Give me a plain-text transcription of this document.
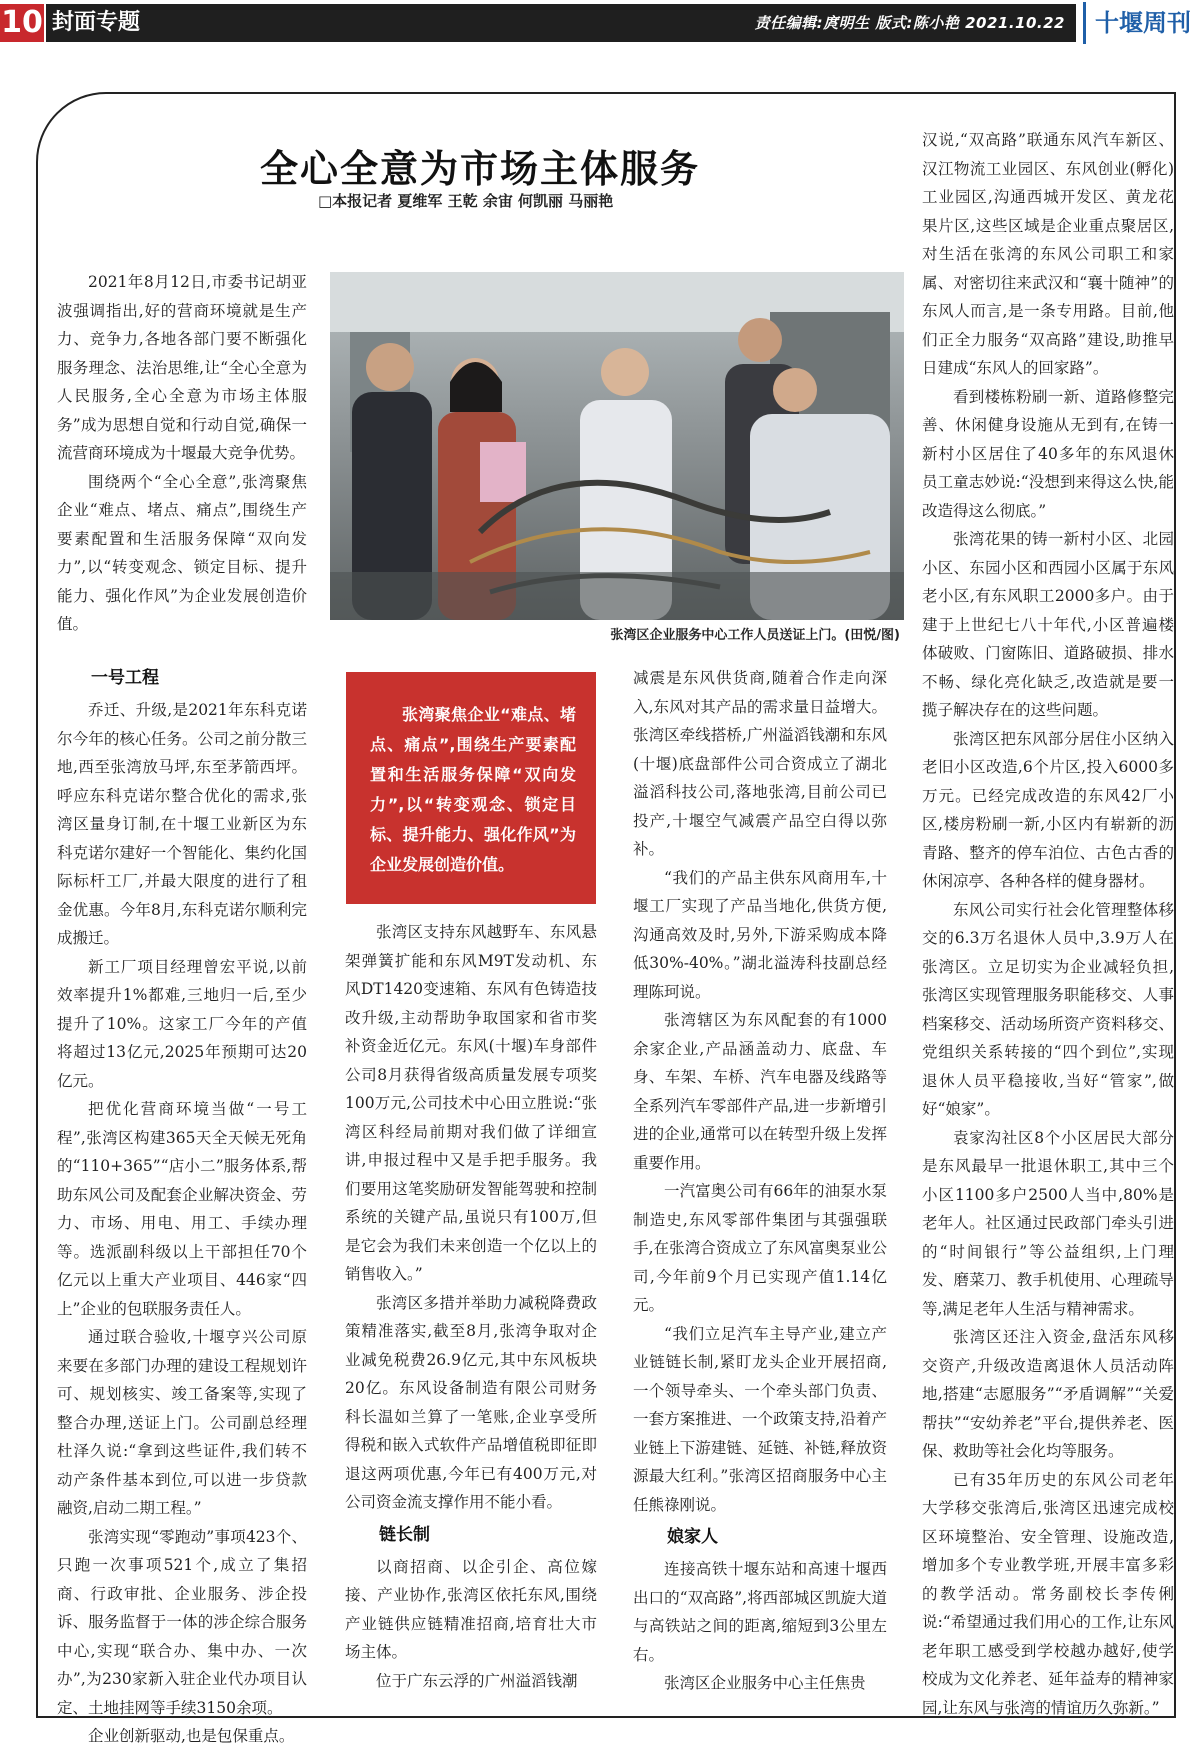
10 封面专题	责任编辑:庹明生 版式:陈小艳 2021.10.22	十堰周刊
全心全意为市场主体服务
□本报记者 夏维军 王乾 余宙 何凯丽 马丽艳

2021年8月12日,市委书记胡亚波强调指出,好的营商环境就是生产力、竞争力,各地各部门要不断强化服务理念、法治思维,让“全心全意为人民服务,全心全意为市场主体服务”成为思想自觉和行动自觉,确保一流营商环境成为十堰最大竞争优势。

围绕两个“全心全意”,张湾聚焦企业“难点、堵点、痛点”,围绕生产要素配置和生活服务保障“双向发力”,以“转变观念、锁定目标、提升能力、强化作风”为企业发展创造价值。

一号工程

乔迁、升级,是2021年东科克诺尔今年的核心任务。公司之前分散三地,西至张湾放马坪,东至茅箭西坪。呼应东科克诺尔整合优化的需求,张湾区量身订制,在十堰工业新区为东科克诺尔建好一个智能化、集约化国际标杆工厂,并最大限度的进行了租金优惠。今年8月,东科克诺尔顺利完成搬迁。

新工厂项目经理曾宏平说,以前效率提升1%都难,三地归一后,至少提升了10%。这家工厂今年的产值将超过13亿元,2025年预期可达20亿元。

把优化营商环境当做“一号工程”,张湾区构建365天全天候无死角的“110+365”“店小二”服务体系,帮助东风公司及配套企业解决资金、劳力、市场、用电、用工、手续办理等。选派副科级以上干部担任70个亿元以上重大产业项目、446家“四上”企业的包联服务责任人。

通过联合验收,十堰亨兴公司原来要在多部门办理的建设工程规划许可、规划核实、竣工备案等,实现了整合办理,送证上门。公司副总经理杜泽久说:“拿到这些证件,我们转不动产条件基本到位,可以进一步贷款融资,启动二期工程。”

张湾实现“零跑动”事项423个、只跑一次事项521个,成立了集招商、行政审批、企业服务、涉企投诉、服务监督于一体的涉企综合服务中心,实现“联合办、集中办、一次办”,为230家新入驻企业代办项目认定、土地挂网等手续3150余项。

企业创新驱动,也是包保重点。

张湾区企业服务中心工作人员送证上门。(田悦/图)
张湾聚焦企业“难点、堵点、痛点”,围绕生产要素配置和生活服务保障“双向发力”,以“转变观念、锁定目标、提升能力、强化作风”为企业发展创造价值。

张湾区支持东风越野车、东风悬架弹簧扩能和东风M9T发动机、东风DT1420变速箱、东风有色铸造技改升级,主动帮助争取国家和省市奖补资金近亿元。东风(十堰)车身部件公司8月获得省级高质量发展专项奖100万元,公司技术中心田立胜说:“张湾区科经局前期对我们做了详细宣讲,申报过程中又是手把手服务。我们要用这笔奖励研发智能驾驶和控制系统的关键产品,虽说只有100万,但是它会为我们未来创造一个亿以上的销售收入。”

张湾区多措并举助力减税降费政策精准落实,截至8月,张湾争取对企业减免税费26.9亿元,其中东风板块20亿。东风设备制造有限公司财务科长温如兰算了一笔账,企业享受所得税和嵌入式软件产品增值税即征即退这两项优惠,今年已有400万元,对公司资金流支撑作用不能小看。

链长制

以商招商、以企引企、高位嫁接、产业协作,张湾区依托东风,围绕产业链供应链精准招商,培育壮大市场主体。

位于广东云浮的广州溢滔钱潮

减震是东风供货商,随着合作走向深入,东风对其产品的需求量日益增大。张湾区牵线搭桥,广州溢滔钱潮和东风(十堰)底盘部件公司合资成立了湖北溢滔科技公司,落地张湾,目前公司已投产,十堰空气减震产品空白得以弥补。

“我们的产品主供东风商用车,十堰工厂实现了产品当地化,供货方便,沟通高效及时,另外,下游采购成本降低30%-40%。”湖北溢涛科技副总经理陈珂说。

张湾辖区为东风配套的有1000余家企业,产品涵盖动力、底盘、车身、车架、车桥、汽车电器及线路等全系列汽车零部件产品,进一步新增引进的企业,通常可以在转型升级上发挥重要作用。

一汽富奥公司有66年的油泵水泵制造史,东风零部件集团与其强强联手,在张湾合资成立了东风富奥泵业公司,今年前9个月已实现产值1.14亿元。

“我们立足汽车主导产业,建立产业链链长制,紧盯龙头企业开展招商,一个领导牵头、一个牵头部门负责、一套方案推进、一个政策支持,沿着产业链上下游建链、延链、补链,释放资源最大红利。”张湾区招商服务中心主任熊祿刚说。

娘家人

连接高铁十堰东站和高速十堰西出口的“双高路”,将西部城区凯旋大道与高铁站之间的距离,缩短到3公里左右。

张湾区企业服务中心主任焦贵

汉说,“双高路”联通东风汽车新区、汉江物流工业园区、东风创业(孵化)工业园区,沟通西城开发区、黄龙花果片区,这些区域是企业重点聚居区,对生活在张湾的东风公司职工和家属、对密切往来武汉和“襄十随神”的东风人而言,是一条专用路。目前,他们正全力服务“双高路”建设,助推早日建成“东风人的回家路”。

看到楼栋粉刷一新、道路修整完善、休闲健身设施从无到有,在铸一新村小区居住了40多年的东风退休员工童志妙说:“没想到来得这么快,能改造得这么彻底。”

张湾花果的铸一新村小区、北园小区、东园小区和西园小区属于东风老小区,有东风职工2000多户。由于建于上世纪七八十年代,小区普遍楼体破败、门窗陈旧、道路破损、排水不畅、绿化亮化缺乏,改造就是要一揽子解决存在的这些问题。

张湾区把东风部分居住小区纳入老旧小区改造,6个片区,投入6000多万元。已经完成改造的东风42厂小区,楼房粉刷一新,小区内有崭新的沥青路、整齐的停车泊位、古色古香的休闲凉亭、各种各样的健身器材。

东风公司实行社会化管理整体移交的6.3万名退休人员中,3.9万人在张湾区。立足切实为企业减轻负担,张湾区实现管理服务职能移交、人事档案移交、活动场所资产资料移交、党组织关系转接的“四个到位”,实现退休人员平稳接收,当好“管家”,做好“娘家”。

袁家沟社区8个小区居民大部分是东风最早一批退休职工,其中三个小区1100多户2500人当中,80%是老年人。社区通过民政部门牵头引进的“时间银行”等公益组织,上门理发、磨菜刀、教手机使用、心理疏导等,满足老年人生活与精神需求。

张湾区还注入资金,盘活东风移交资产,升级改造离退休人员活动阵地,搭建“志愿服务”“矛盾调解”“关爱帮扶”“安幼养老”平台,提供养老、医保、救助等社会化均等服务。

已有35年历史的东风公司老年大学移交张湾后,张湾区迅速完成校区环境整治、安全管理、设施改造,增加多个专业教学班,开展丰富多彩的教学活动。常务副校长李传俐说:“希望通过我们用心的工作,让东风老年职工感受到学校越办越好,使学校成为文化养老、延年益寿的精神家园,让东风与张湾的情谊历久弥新。”
